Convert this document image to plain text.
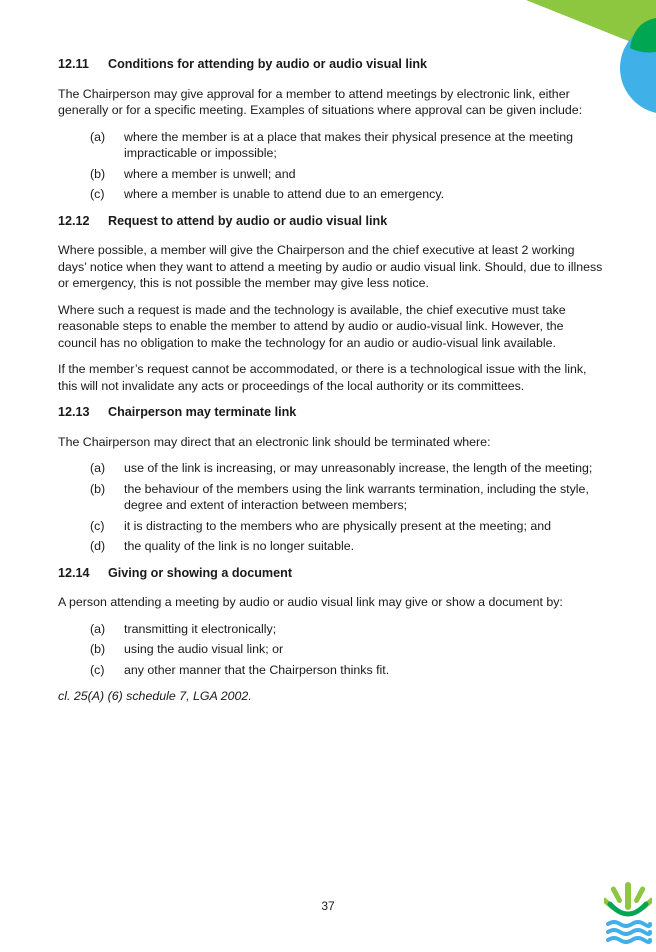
12.11	Conditions for attending by audio or audio visual link

The Chairperson may give approval for a member to attend meetings by electronic link, either generally or for a specific meeting. Examples of situations where approval can be given include:

(a)	where the member is at a place that makes their physical presence at the meeting impracticable or impossible;
(b)	where a member is unwell; and
(c)	where a member is unable to attend due to an emergency.
12.12	Request to attend by audio or audio visual link

Where possible, a member will give the Chairperson and the chief executive at least 2 working days’ notice when they want to attend a meeting by audio or audio visual link. Should, due to illness or emergency, this is not possible the member may give less notice.

Where such a request is made and the technology is available, the chief executive must take reasonable steps to enable the member to attend by audio or audio-visual link. However, the council has no obligation to make the technology for an audio or audio-visual link available.

If the member’s request cannot be accommodated, or there is a technological issue with the link, this will not invalidate any acts or proceedings of the local authority or its committees.

12.13	Chairperson may terminate link

The Chairperson may direct that an electronic link should be terminated where:

(a)	use of the link is increasing, or may unreasonably increase, the length of the meeting;
(b)	the behaviour of the members using the link warrants termination, including the style, degree and extent of interaction between members;
(c)	it is distracting to the members who are physically present at the meeting; and
(d)	the quality of the link is no longer suitable.
12.14	Giving or showing a document

A person attending a meeting by audio or audio visual link may give or show a document by:

(a)	transmitting it electronically;
(b)	using the audio visual link; or
(c)	any other manner that the Chairperson thinks fit.

cl. 25(A) (6) schedule 7, LGA 2002.

37
